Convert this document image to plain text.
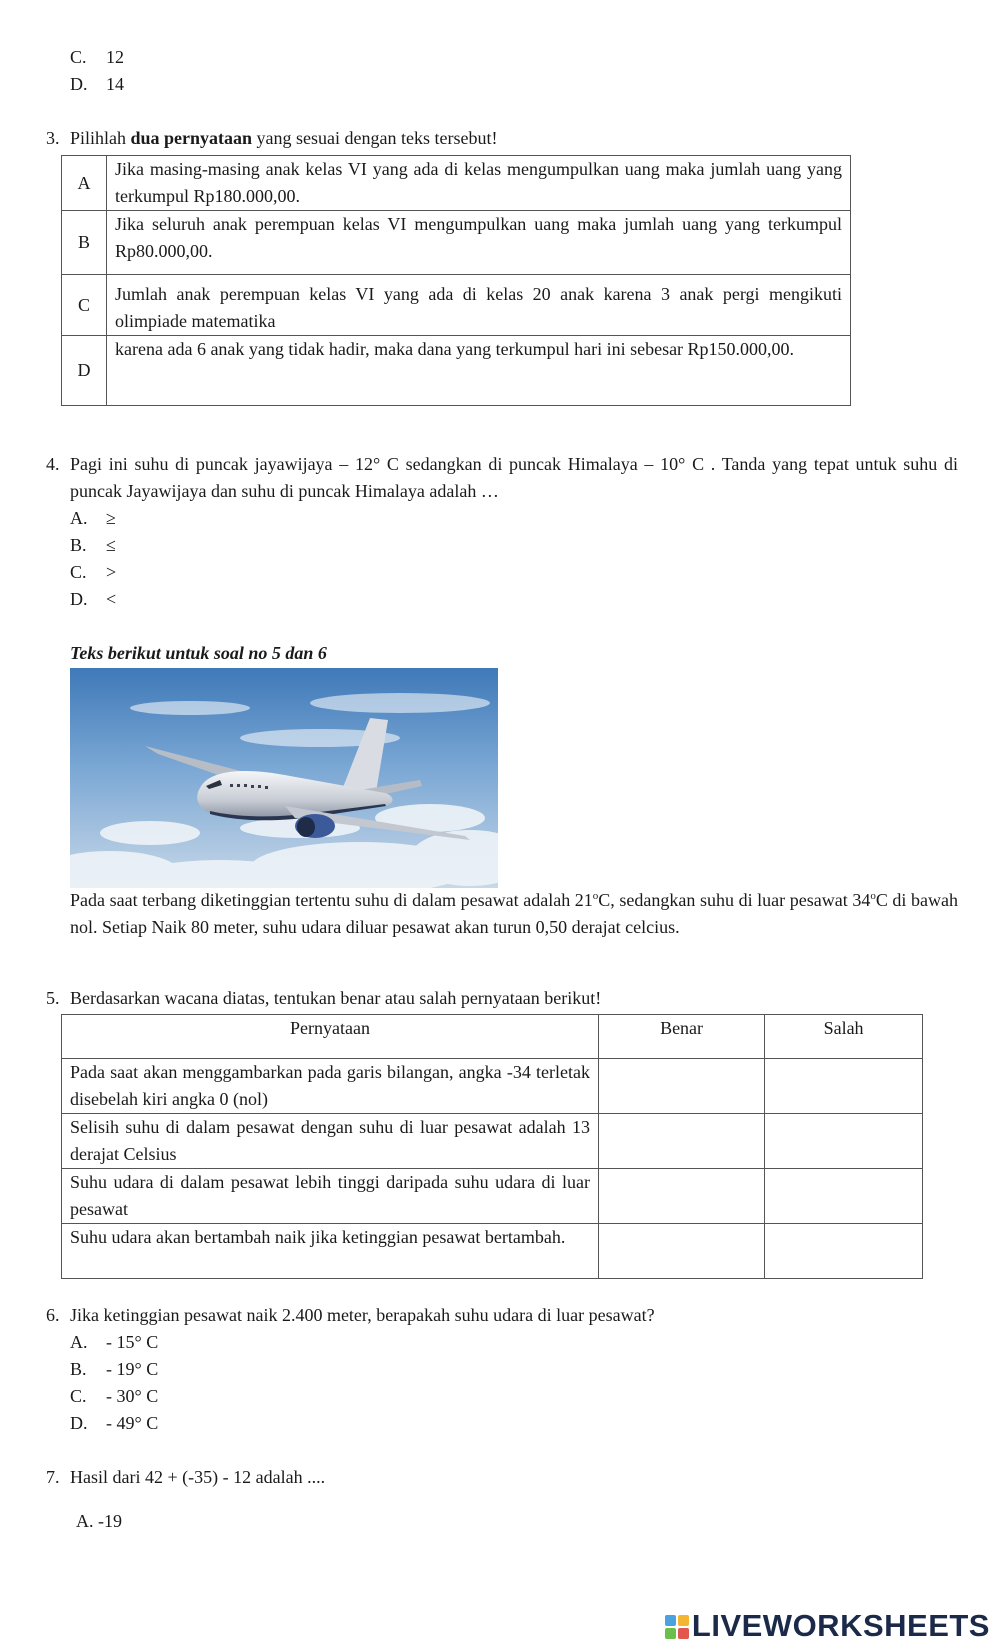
C. 12
D. 14
3. Pilihlah dua pernyataan yang sesuai dengan teks tersebut!
A	Jika masing-masing anak kelas VI yang ada di kelas mengumpulkan uang maka jumlah uang yang terkumpul Rp180.000,00.
B	Jika seluruh anak perempuan kelas VI mengumpulkan uang maka jumlah uang yang terkumpul Rp80.000,00.
C	Jumlah anak perempuan kelas VI yang ada di kelas 20 anak karena 3 anak pergi mengikuti olimpiade matematika
D	karena ada 6 anak yang tidak hadir, maka dana yang terkumpul hari ini sebesar Rp150.000,00.
4. Pagi ini suhu di puncak jayawijaya – 12° C sedangkan di puncak Himalaya – 10° C . Tanda yang tepat untuk suhu di puncak Jayawijaya dan suhu di puncak Himalaya adalah …
A. ≥
B. ≤
C. >
D. <
Teks berikut untuk soal no 5 dan 6
Pada saat terbang diketinggian tertentu suhu di dalam pesawat adalah 21$^o$C, sedangkan suhu di luar pesawat 34$^o$C di bawah nol. Setiap Naik 80 meter, suhu udara diluar pesawat akan turun 0,50 derajat celcius.
5. Berdasarkan wacana diatas, tentukan benar atau salah pernyataan berikut!
Pernyataan	Benar	Salah
Pada saat akan menggambarkan pada garis bilangan, angka -34 terletak disebelah kiri angka 0 (nol)		
Selisih suhu di dalam pesawat dengan suhu di luar pesawat adalah 13 derajat Celsius		
Suhu udara di dalam pesawat lebih tinggi daripada suhu udara di luar pesawat		
Suhu udara akan bertambah naik jika ketinggian pesawat bertambah.		
6. Jika ketinggian pesawat naik 2.400 meter, berapakah suhu udara di luar pesawat?
A. - 15° C
B. - 19° C
C. - 30° C
D. - 49° C
7. Hasil dari 42 + (-35) - 12 adalah ....
A. -19
LIVEWORKSHEETS
